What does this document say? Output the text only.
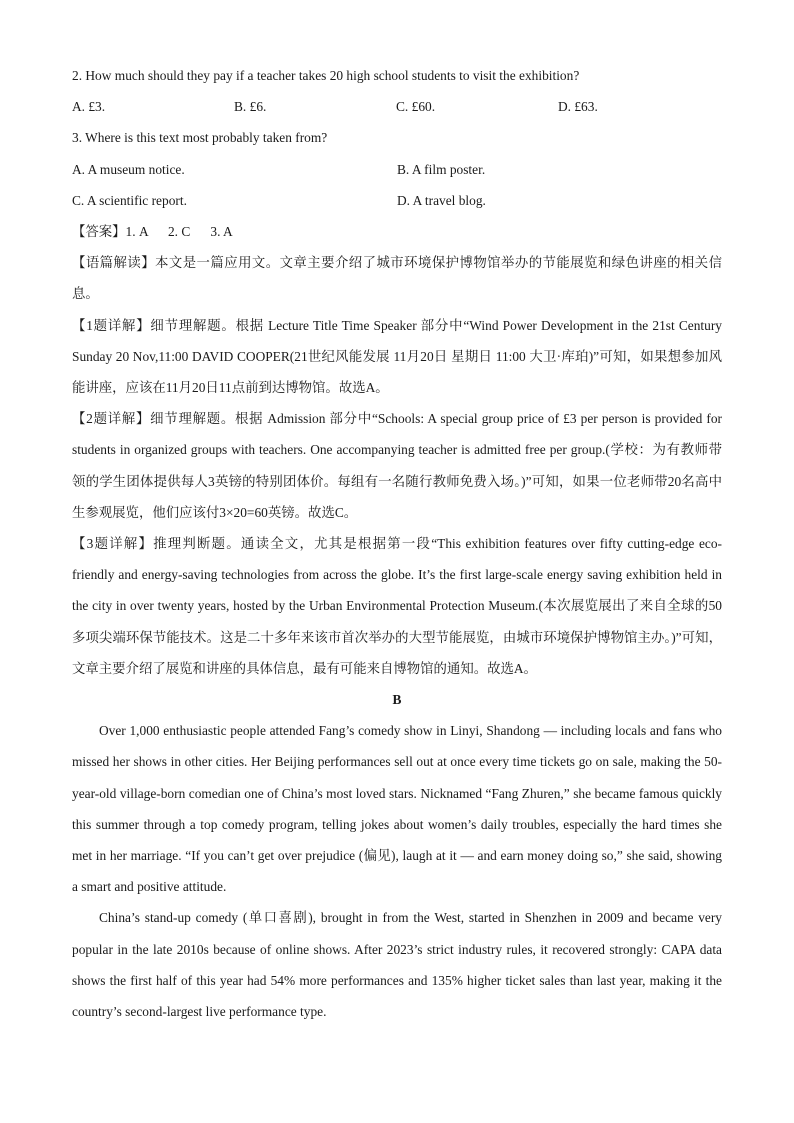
2. How much should they pay if a teacher takes 20 high school students to visit the exhibition?

A. £3.	B. £6.	C. £60.	D. £63.

3. Where is this text most probably taken from?

A. A museum notice.	B. A film poster.
C. A scientific report.	D. A travel blog.

【答案】1. A      2. C      3. A

【语篇解读】本文是一篇应用文。文章主要介绍了城市环境保护博物馆举办的节能展览和绿色讲座的相关信息。

【1题详解】细节理解题。根据 Lecture Title Time Speaker 部分中“Wind Power Development in the 21st Century Sunday 20 Nov,11:00 DAVID COOPER(21世纪风能发展 11月20日 星期日 11:00 大卫·库珀)”可知，如果想参加风能讲座，应该在11月20日11点前到达博物馆。故选A。

【2题详解】细节理解题。根据 Admission 部分中“Schools: A special group price of £3 per person is provided for students in organized groups with teachers. One accompanying teacher is admitted free per group.(学校：为有教师带领的学生团体提供每人3英镑的特别团体价。每组有一名随行教师免费入场。)”可知，如果一位老师带20名高中生参观展览，他们应该付3×20=60英镑。故选C。

【3题详解】推理判断题。通读全文，尤其是根据第一段“This exhibition features over fifty cutting-edge eco-friendly and energy-saving technologies from across the globe. It’s the first large-scale energy saving exhibition held in the city in over twenty years, hosted by the Urban Environmental Protection Museum.(本次展览展出了来自全球的50多项尖端环保节能技术。这是二十多年来该市首次举办的大型节能展览，由城市环境保护博物馆主办。)”可知，文章主要介绍了展览和讲座的具体信息，最有可能来自博物馆的通知。故选A。

B

Over 1,000 enthusiastic people attended Fang’s comedy show in Linyi, Shandong — including locals and fans who missed her shows in other cities. Her Beijing performances sell out at once every time tickets go on sale, making the 50-year-old village-born comedian one of China’s most loved stars. Nicknamed “Fang Zhuren,” she became famous quickly this summer through a top comedy program, telling jokes about women’s daily troubles, especially the hard times she met in her marriage. “If you can’t get over prejudice (偏见), laugh at it — and earn money doing so,” she said, showing a smart and positive attitude.

China’s stand-up comedy (单口喜剧), brought in from the West, started in Shenzhen in 2009 and became very popular in the late 2010s because of online shows. After 2023’s strict industry rules, it recovered strongly: CAPA data shows the first half of this year had 54% more performances and 135% higher ticket sales than last year, making it the country’s second-largest live performance type.
